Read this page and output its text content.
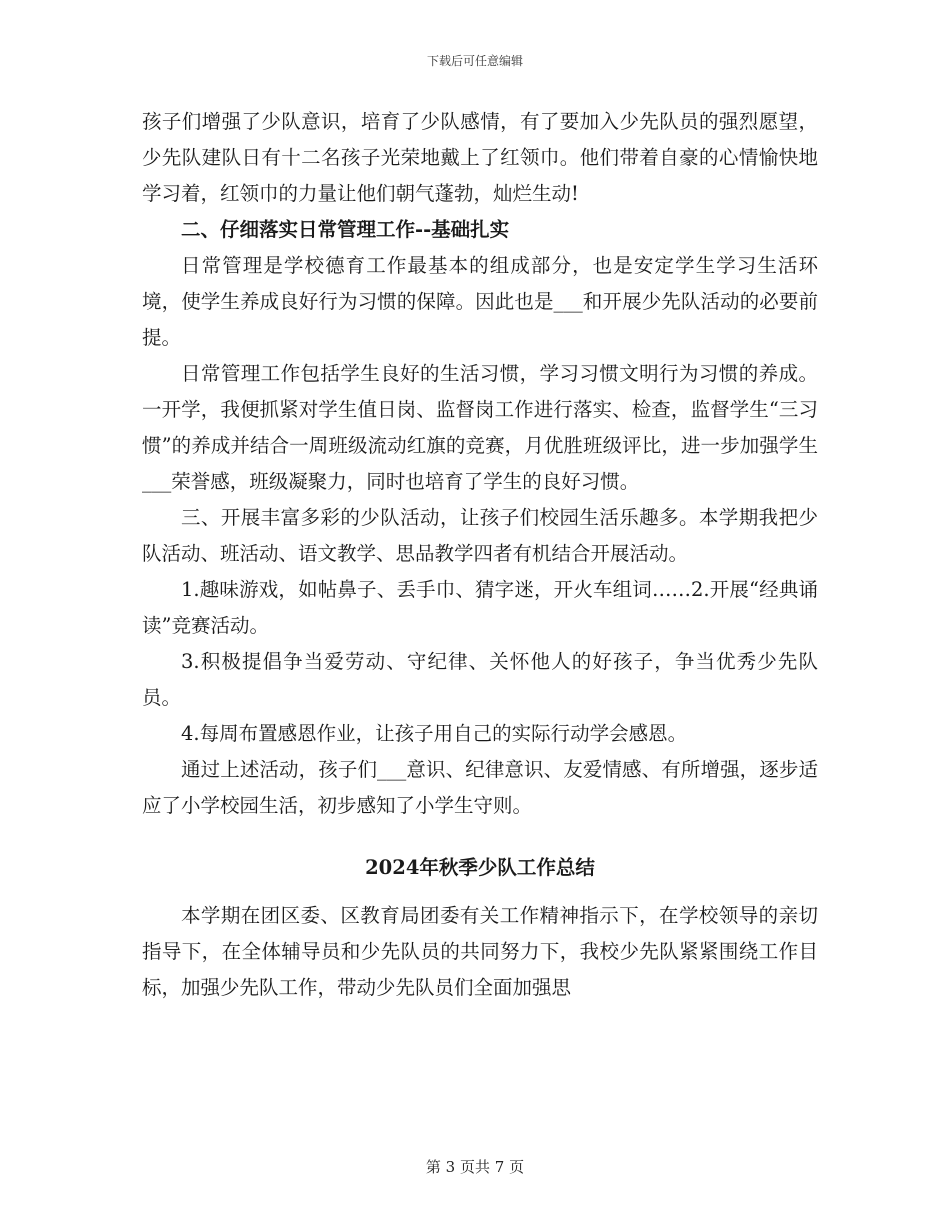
下载后可任意编辑

孩子们增强了少队意识，培育了少队感情，有了要加入少先队员的强烈愿望，少先队建队日有十二名孩子光荣地戴上了红领巾。他们带着自豪的心情愉快地学习着，红领巾的力量让他们朝气蓬勃，灿烂生动!

二、仔细落实日常管理工作--基础扎实

日常管理是学校德育工作最基本的组成部分，也是安定学生学习生活环境，使学生养成良好行为习惯的保障。因此也是___和开展少先队活动的必要前提。

日常管理工作包括学生良好的生活习惯，学习习惯文明行为习惯的养成。一开学，我便抓紧对学生值日岗、监督岗工作进行落实、检查，监督学生“三习惯”的养成并结合一周班级流动红旗的竞赛，月优胜班级评比，进一步加强学生___荣誉感，班级凝聚力，同时也培育了学生的良好习惯。

三、开展丰富多彩的少队活动，让孩子们校园生活乐趣多。本学期我把少队活动、班活动、语文教学、思品教学四者有机结合开展活动。

1.趣味游戏，如帖鼻子、丢手巾、猜字迷，开火车组词……2.开展“经典诵读”竞赛活动。

3.积极提倡争当爱劳动、守纪律、关怀他人的好孩子，争当优秀少先队员。

4.每周布置感恩作业，让孩子用自己的实际行动学会感恩。

通过上述活动，孩子们___意识、纪律意识、友爱情感、有所增强，逐步适应了小学校园生活，初步感知了小学生守则。

2024年秋季少队工作总结

本学期在团区委、区教育局团委有关工作精神指示下，在学校领导的亲切指导下，在全体辅导员和少先队员的共同努力下，我校少先队紧紧围绕工作目标，加强少先队工作，带动少先队员们全面加强思

第 3 页共 7 页
